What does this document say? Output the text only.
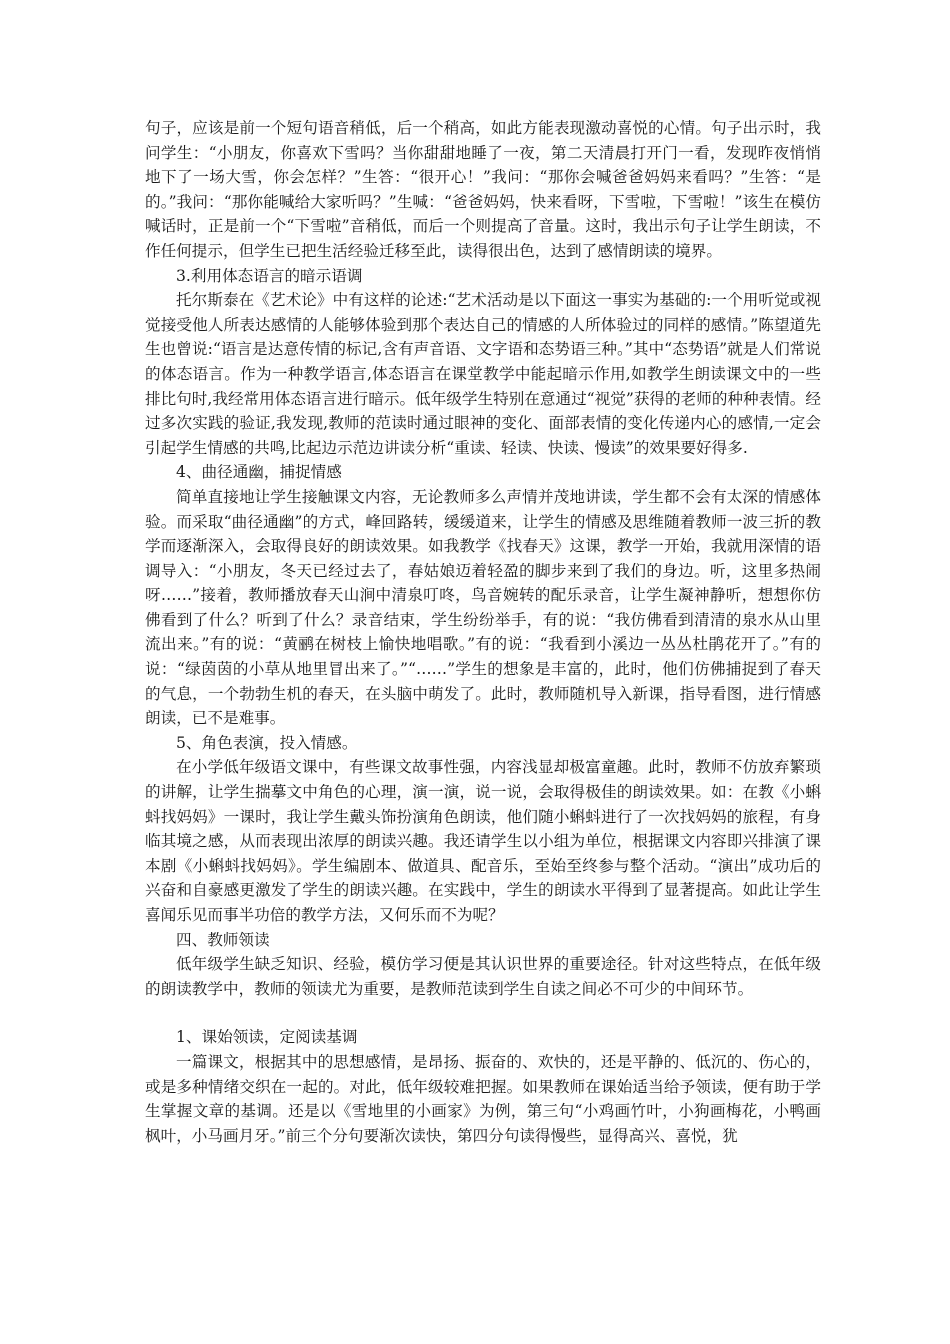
句子，应该是前一个短句语音稍低，后一个稍高，如此方能表现激动喜悦的心情。句子出示时，我问学生：“小朋友，你喜欢下雪吗？当你甜甜地睡了一夜，第二天清晨打开门一看，发现昨夜悄悄地下了一场大雪，你会怎样？”生答：“很开心！”我问：“那你会喊爸爸妈妈来看吗？”生答：“是的。”我问：“那你能喊给大家听吗？”生喊：“爸爸妈妈，快来看呀，下雪啦，下雪啦！”该生在模仿喊话时，正是前一个“下雪啦”音稍低，而后一个则提高了音量。这时，我出示句子让学生朗读，不作任何提示，但学生已把生活经验迁移至此，读得很出色，达到了感情朗读的境界。

3.利用体态语言的暗示语调

托尔斯泰在《艺术论》中有这样的论述:“艺术活动是以下面这一事实为基础的:一个用听觉或视觉接受他人所表达感情的人能够体验到那个表达自己的情感的人所体验过的同样的感情。”陈望道先生也曾说:“语言是达意传情的标记,含有声音语、文字语和态势语三种。”其中“态势语”就是人们常说的体态语言。作为一种教学语言,体态语言在课堂教学中能起暗示作用,如教学生朗读课文中的一些排比句时,我经常用体态语言进行暗示。低年级学生特别在意通过“视觉”获得的老师的种种表情。经过多次实践的验证,我发现,教师的范读时通过眼神的变化、面部表情的变化传递内心的感情,一定会引起学生情感的共鸣,比起边示范边讲读分析“重读、轻读、快读、慢读”的效果要好得多.

4、曲径通幽，捕捉情感

简单直接地让学生接触课文内容，无论教师多么声情并茂地讲读，学生都不会有太深的情感体验。而采取“曲径通幽”的方式，峰回路转，缓缓道来，让学生的情感及思维随着教师一波三折的教学而逐渐深入，会取得良好的朗读效果。如我教学《找春天》这课，教学一开始，我就用深情的语调导入：“小朋友，冬天已经过去了，春姑娘迈着轻盈的脚步来到了我们的身边。听，这里多热闹呀……”接着，教师播放春天山涧中清泉叮咚，鸟音婉转的配乐录音，让学生凝神静听，想想你仿佛看到了什么？听到了什么？录音结束，学生纷纷举手，有的说：“我仿佛看到清清的泉水从山里流出来。”有的说：“黄鹂在树枝上愉快地唱歌。”有的说：“我看到小溪边一丛丛杜鹃花开了。”有的说：“绿茵茵的小草从地里冒出来了。”“……”学生的想象是丰富的，此时，他们仿佛捕捉到了春天的气息，一个勃勃生机的春天，在头脑中萌发了。此时，教师随机导入新课，指导看图，进行情感朗读，已不是难事。

5、角色表演，投入情感。

在小学低年级语文课中，有些课文故事性强，内容浅显却极富童趣。此时，教师不仿放弃繁琐的讲解，让学生揣摹文中角色的心理，演一演，说一说，会取得极佳的朗读效果。如：在教《小蝌蚪找妈妈》一课时，我让学生戴头饰扮演角色朗读，他们随小蝌蚪进行了一次找妈妈的旅程，有身临其境之感，从而表现出浓厚的朗读兴趣。我还请学生以小组为单位，根据课文内容即兴排演了课本剧《小蝌蚪找妈妈》。学生编剧本、做道具、配音乐，至始至终参与整个活动。“演出”成功后的兴奋和自豪感更激发了学生的朗读兴趣。在实践中，学生的朗读水平得到了显著提高。如此让学生喜闻乐见而事半功倍的教学方法，又何乐而不为呢？

四、教师领读

低年级学生缺乏知识、经验，模仿学习便是其认识世界的重要途径。针对这些特点，在低年级的朗读教学中，教师的领读尤为重要，是教师范读到学生自读之间必不可少的中间环节。

1、课始领读，定阅读基调

一篇课文，根据其中的思想感情，是昂扬、振奋的、欢快的，还是平静的、低沉的、伤心的，或是多种情绪交织在一起的。对此，低年级较难把握。如果教师在课始适当给予领读，便有助于学生掌握文章的基调。还是以《雪地里的小画家》为例，第三句“小鸡画竹叶，小狗画梅花，小鸭画枫叶，小马画月牙。”前三个分句要渐次读快，第四分句读得慢些，显得高兴、喜悦，犹
